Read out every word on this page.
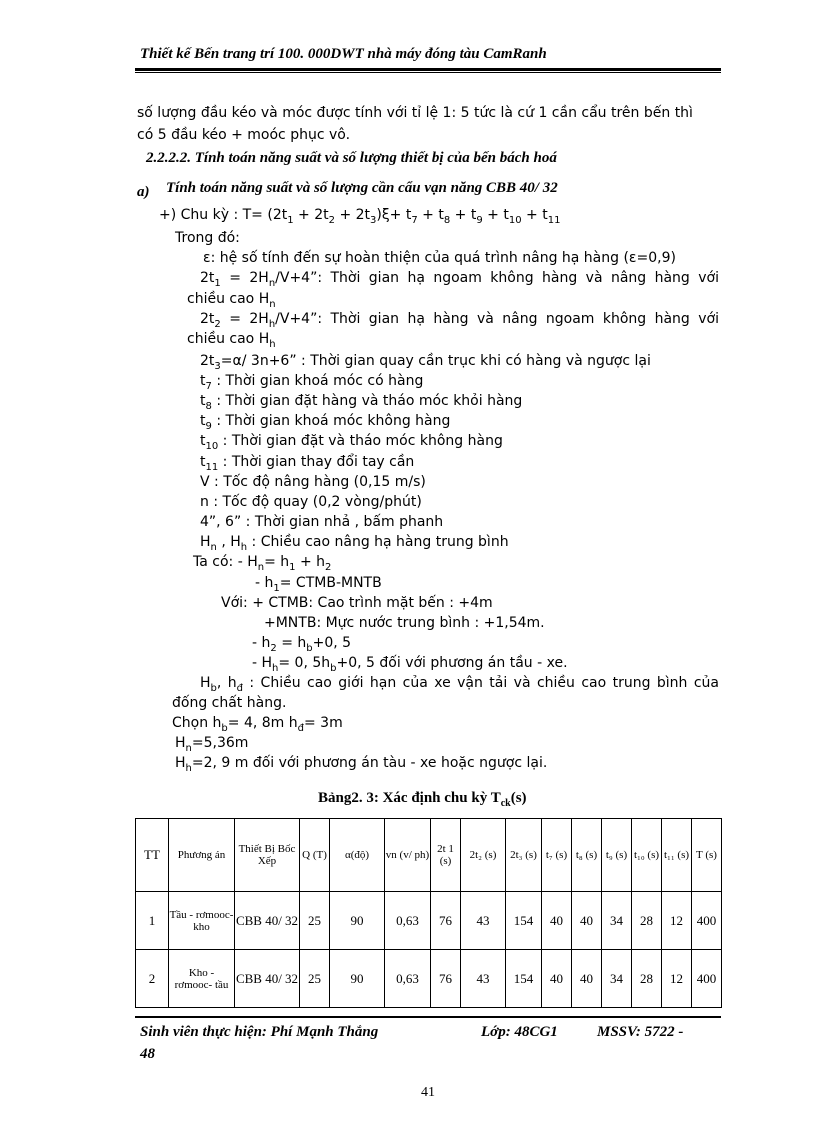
Thiết kế Bến trang trí 100. 000DWT nhà máy đóng tàu CamRanh
số lượng đầu kéo và móc được tính với tỉ lệ 1: 5 tức là cứ 1 cần cẩu trên bến thì
có 5 đầu kéo + moóc phục vô.
2.2.2.2. Tính toán năng suất và số lượng thiết bị của bến bách hoá
a) Tính toán năng suất và số lượng cần cẩu vạn năng CBB 40/ 32
+) Chu kỳ : $T= (2t_1 + 2t_2 + 2t_3)\xi+ t_7 + t_8 + t_9 + t_{10} + t_{11}$
Trong đó:
ε: hệ số tính đến sự hoàn thiện của quá trình nâng hạ hàng (ε=0,9)
$2t_1 = 2H_n/V+4$”: Thời gian hạ ngoam không hàng và nâng hàng với
chiều cao $H_n$
$2t_2 = 2H_h/V+4$”: Thời gian hạ hàng và nâng ngoam không hàng với
chiều cao $H_h$
$2t_3=\alpha/$ 3n+6” : Thời gian quay cần trục khi có hàng và ngược lại
$t_7$ : Thời gian khoá móc có hàng
$t_8$ : Thời gian đặt hàng và tháo móc khỏi hàng
$t_9$ : Thời gian khoá móc không hàng
$t_{10}$ : Thời gian đặt và tháo móc không hàng
$t_{11}$ : Thời gian thay đổi tay cần
V : Tốc độ nâng hàng (0,15 m/s)
n : Tốc độ quay (0,2 vòng/phút)
4”, 6” : Thời gian nhả , bấm phanh
$H_n$ , $H_h$ : Chiều cao nâng hạ hàng trung bình
Ta có: - $H_n= h_1 + h_2$
- $h_1=$ CTMB-MNTB
Với: + CTMB: Cao trình mặt bến : +4m
+MNTB: Mực nước trung bình : +1,54m.
- $h_2 = h_b+0$, 5
- $H_h= 0$, $5h_b+0$, 5 đối với phương án tầu - xe.
$H_b$, $h_đ$ : Chiều cao giới hạn của xe vận tải và chiều cao trung bình của
đống chất hàng.
Chọn $h_b= 4$, 8m $h_đ= 3m$
$H_n=5,36m$
$H_h=2$, 9 m đối với phương án tàu - xe hoặc ngược lại.
Bảng2. 3: Xác định chu kỳ $T_{ck}(s)$
TT	Phương án	Thiết Bị Bốc Xếp	Q (T)	α(độ)	vn (v/ ph)	2t 1 (s)	2t₂ (s)	2t₃ (s)	t₇ (s)	t₈ (s)	t₉ (s)	t₁₀ (s)	t₁₁ (s)	T (s)
1	Tầu - rơmooc- kho	CBB 40/ 32	25	90	0,63	76	43	154	40	40	34	28	12	400
2	Kho - rơmooc- tầu	CBB 40/ 32	25	90	0,63	76	43	154	40	40	34	28	12	400
Sinh viên thực hiện: Phí Mạnh Thắng	Lớp: 48CG1	MSSV: 5722 -
48
41
